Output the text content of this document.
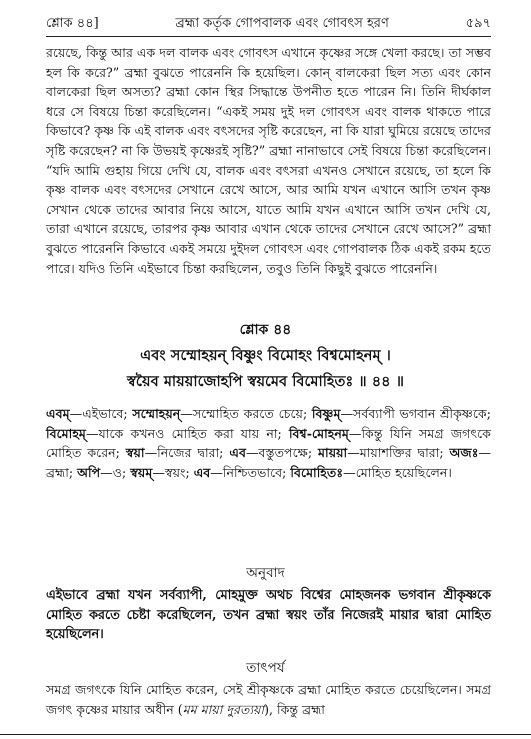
শ্লোক ৪৪]	ব্রহ্মা কর্তৃক গোপবালক এবং গোবৎস হরণ	৫৯৭
রয়েছে, কিন্তু আর এক দল বালক এবং গোবৎস এখানে কৃষ্ণের সঙ্গে খেলা করছে। তা সম্ভব হল কি করে?” ব্রহ্মা বুঝতে পারেননি কি হয়েছিল। কোন্ বালকেরা ছিল সত্য এবং কোন বালকেরা ছিল অসত্য? ব্রহ্মা কোন স্থির সিদ্ধান্তে উপনীত হতে পারেন নি। তিনি দীর্ঘকাল ধরে সে বিষয়ে চিন্তা করেছিলেন। “একই সময় দুই দল গোবৎস এবং বালক থাকতে পারে কিভাবে? কৃষ্ণ কি এই বালক এবং বৎসদের সৃষ্টি করেছেন, না কি যারা ঘুমিয়ে রয়েছে তাদের সৃষ্টি করেছেন? না কি উভয়ই কৃষ্ণেরই সৃষ্টি?” ব্রহ্মা নানাভাবে সেই বিষয়ে চিন্তা করেছিলেন। “যদি আমি গুহায় গিয়ে দেখি যে, বালক এবং বৎসরা এখনও সেখানে রয়েছে, তা হলে কি কৃষ্ণ বালক এবং বৎসদের সেখানে রেখে আসে, আর আমি যখন এখানে আসি তখন কৃষ্ণ সেখান থেকে তাদের আবার নিয়ে আসে, যাতে আমি যখন এখানে আসি তখন দেখি যে, তারা এখানে রয়েছে, তারপর কৃষ্ণ আবার এখান থেকে তাদের সেখানে রেখে আসে?” ব্রহ্মা বুঝতে পারেননি কিভাবে একই সময়ে দুইদল গোবৎস এবং গোপবালক ঠিক একই রকম হতে পারে। যদিও তিনি এইভাবে চিন্তা করছিলেন, তবুও তিনি কিছুই বুঝতে পারেননি।
শ্লোক ৪৪
এবং সম্মোহয়ন্ বিষ্ণুং বিমোহং বিশ্বমোহনম্ ।
স্বয়ৈব মায়য়াজোহপি স্বয়মেব বিমোহিতঃ ॥ ৪৪ ॥
এবম্—এইভাবে; সম্মোহয়ন্—সম্মোহিত করতে চেয়ে; বিষ্ণুম্—সর্বব্যাপী ভগবান শ্রীকৃষ্ণকে; বিমোহম্—যাকে কখনও মোহিত করা যায় না; বিশ্ব-মোহনম্—কিন্তু যিনি সমগ্র জগৎকে মোহিত করেন; স্বয়া—নিজের দ্বারা; এব—বস্তুতপক্ষে; মায়য়া—মায়াশক্তির দ্বারা; অজঃ—ব্রহ্মা; অপি—ও; স্বয়ম্—স্বয়ং; এব—নিশ্চিতভাবে; বিমোহিতঃ—মোহিত হয়েছিলেন।
অনুবাদ
এইভাবে ব্রহ্মা যখন সর্বব্যাপী, মোহমুক্ত অথচ বিশ্বের মোহজনক ভগবান শ্রীকৃষ্ণকে মোহিত করতে চেষ্টা করেছিলেন, তখন ব্রহ্মা স্বয়ং তাঁর নিজেরই মায়ার দ্বারা মোহিত হয়েছিলেন।
তাৎপর্য
সমগ্র জগৎকে যিনি মোহিত করেন, সেই শ্রীকৃষ্ণকে ব্রহ্মা মোহিত করতে চেয়েছিলেন। সমগ্র জগৎ কৃষ্ণের মায়ার অধীন (মম মায়া দুরত্যয়া), কিন্তু ব্রহ্মা
